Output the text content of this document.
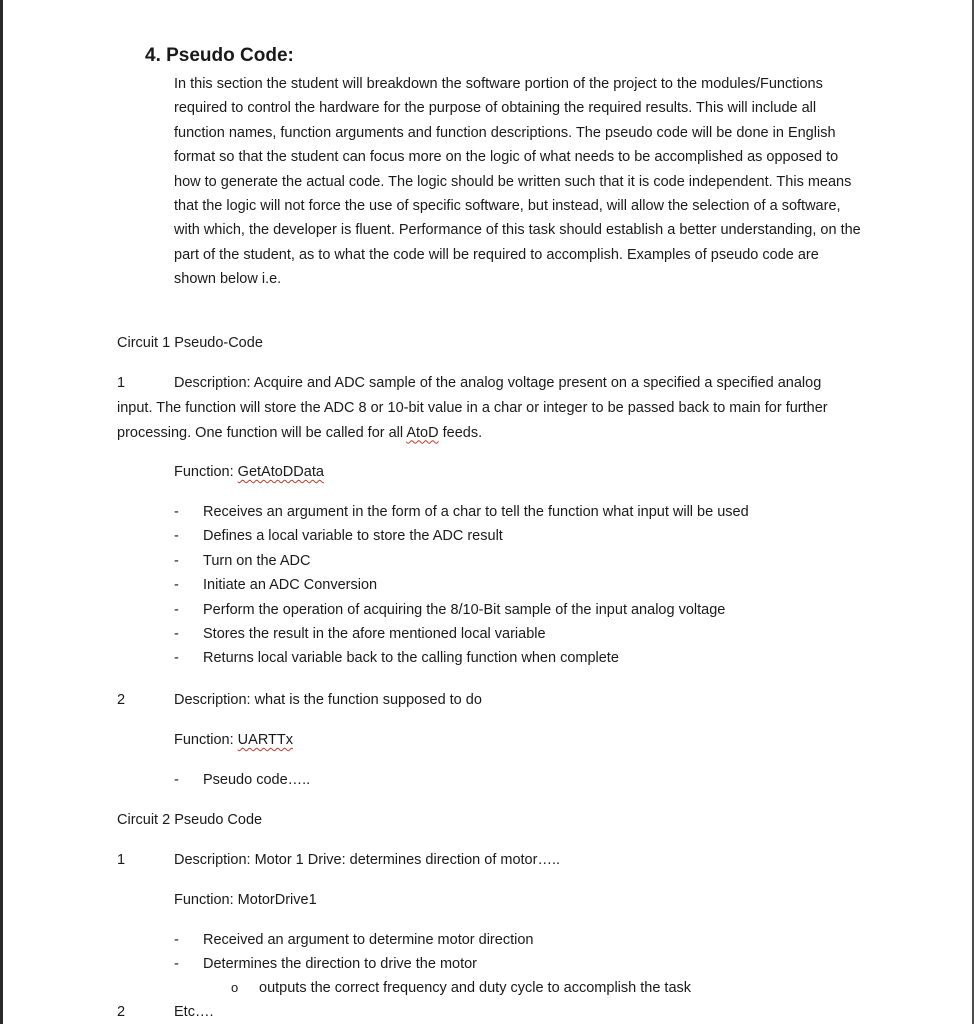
4. Pseudo Code:

In this section the student will breakdown the software portion of the project to the modules/Functions required to control the hardware for the purpose of obtaining the required results. This will include all function names, function arguments and function descriptions. The pseudo code will be done in English format so that the student can focus more on the logic of what needs to be accomplished as opposed to how to generate the actual code. The logic should be written such that it is code independent. This means that the logic will not force the use of specific software, but instead, will allow the selection of a software, with which, the developer is fluent. Performance of this task should establish a better understanding, on the part of the student, as to what the code will be required to accomplish. Examples of pseudo code are shown below i.e.

Circuit 1 Pseudo-Code

1	Description: Acquire and ADC sample of the analog voltage present on a specified a specified analog input. The function will store the ADC 8 or 10-bit value in a char or integer to be passed back to main for further processing. One function will be called for all AtoD feeds.

Function: GetAtoDData

- Receives an argument in the form of a char to tell the function what input will be used
- Defines a local variable to store the ADC result
- Turn on the ADC
- Initiate an ADC Conversion
- Perform the operation of acquiring the 8/10-Bit sample of the input analog voltage
- Stores the result in the afore mentioned local variable
- Returns local variable back to the calling function when complete

2	Description: what is the function supposed to do

Function: UARTTx

- Pseudo code…..

Circuit 2 Pseudo Code

1	Description: Motor 1 Drive: determines direction of motor…..

Function: MotorDrive1

- Received an argument to determine motor direction
- Determines the direction to drive the motor
o outputs the correct frequency and duty cycle to accomplish the task

2	Etc….
